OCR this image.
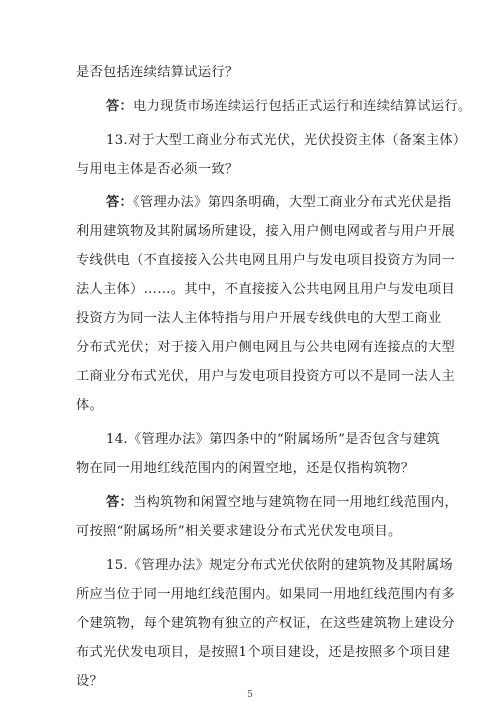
是否包括连续结算试运行？
答：电力现货市场连续运行包括正式运行和连续结算试运行。
13.对于大型工商业分布式光伏，光伏投资主体（备案主体）
与用电主体是否必须一致？
答：《管理办法》第四条明确，大型工商业分布式光伏是指
利用建筑物及其附属场所建设，接入用户侧电网或者与用户开展
专线供电（不直接接入公共电网且用户与发电项目投资方为同一
法人主体）……。其中，不直接接入公共电网且用户与发电项目
投资方为同一法人主体特指与用户开展专线供电的大型工商业
分布式光伏；对于接入用户侧电网且与公共电网有连接点的大型
工商业分布式光伏，用户与发电项目投资方可以不是同一法人主
体。
14.《管理办法》第四条中的“附属场所”是否包含与建筑
物在同一用地红线范围内的闲置空地，还是仅指构筑物？
答：当构筑物和闲置空地与建筑物在同一用地红线范围内，
可按照“附属场所”相关要求建设分布式光伏发电项目。
15.《管理办法》规定分布式光伏依附的建筑物及其附属场
所应当位于同一用地红线范围内。如果同一用地红线范围内有多
个建筑物，每个建筑物有独立的产权证，在这些建筑物上建设分
布式光伏发电项目，是按照1个项目建设，还是按照多个项目建
设？
5
